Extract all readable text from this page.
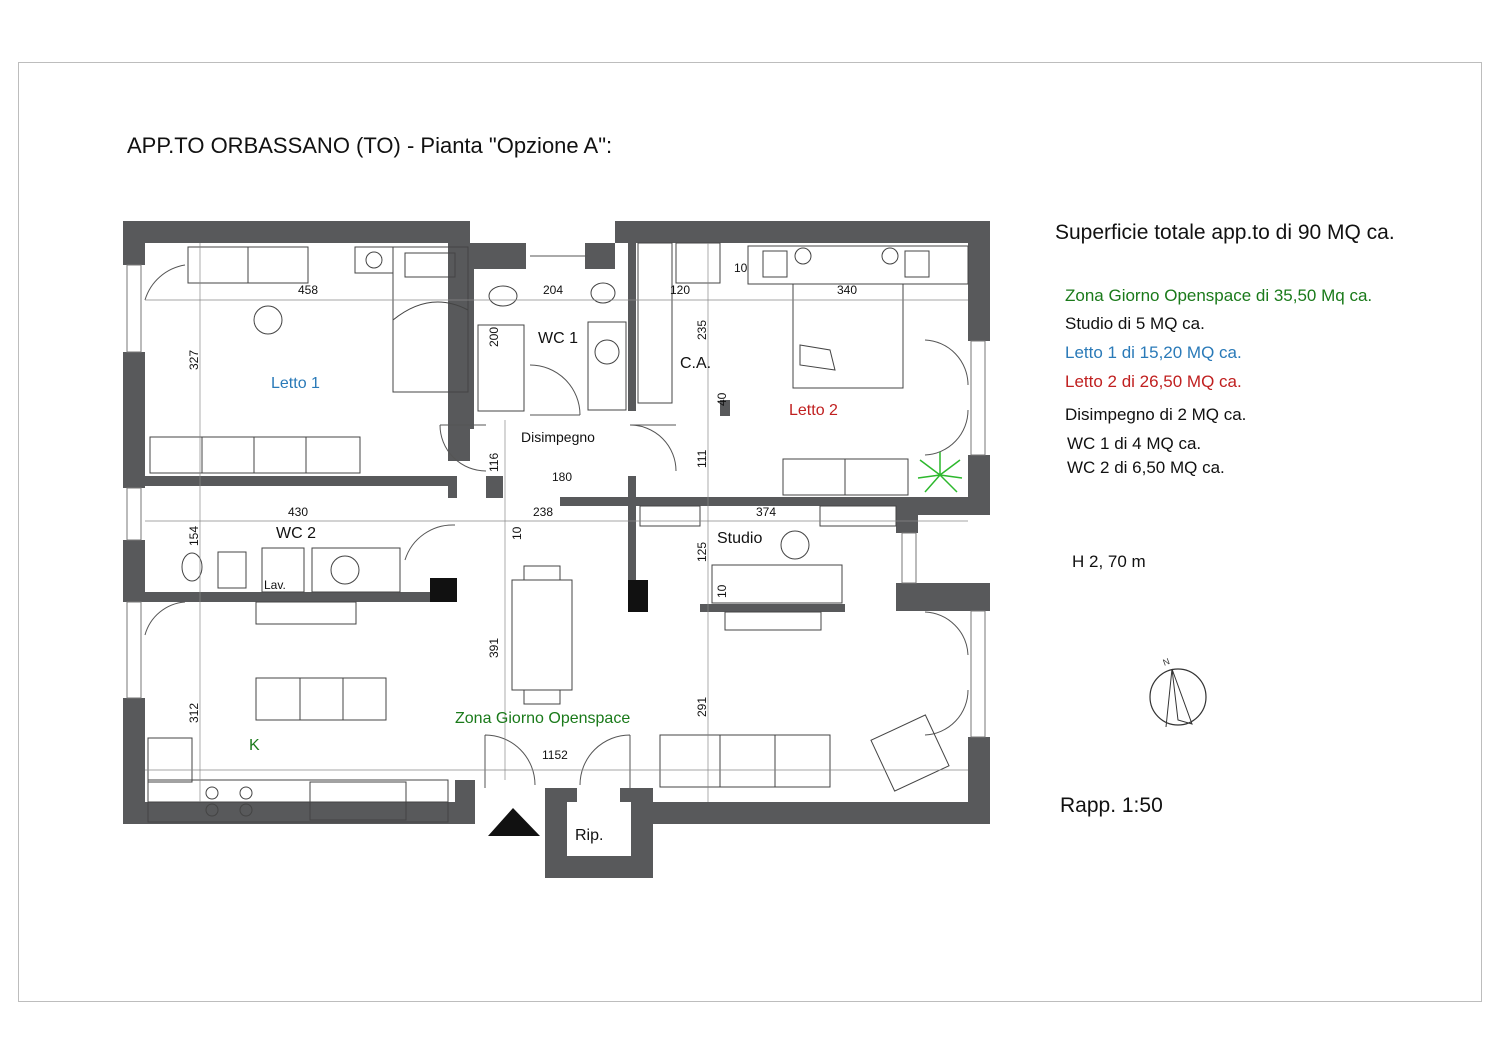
APP.TO ORBASSANO (TO) - Pianta "Opzione A":
Letto 1
Letto 2
WC 1
WC 2
C.A.
Disimpegno
Studio
Zona Giorno Openspace
K
Rip.
Lav.
458
327
204
200
120
235
10
340
40
111
116
180
430	238
10
374
154
125
10
391
312	291
1152
N
Superficie totale app.to di 90 MQ ca.
Zona Giorno Openspace di 35,50 Mq ca.
Studio di 5 MQ ca.
Letto 1 di 15,20 MQ ca.
Letto 2 di 26,50 MQ ca.
Disimpegno di 2 MQ ca.
WC 1 di 4 MQ ca.
WC 2 di 6,50 MQ ca.
H 2, 70 m
Rapp. 1:50
